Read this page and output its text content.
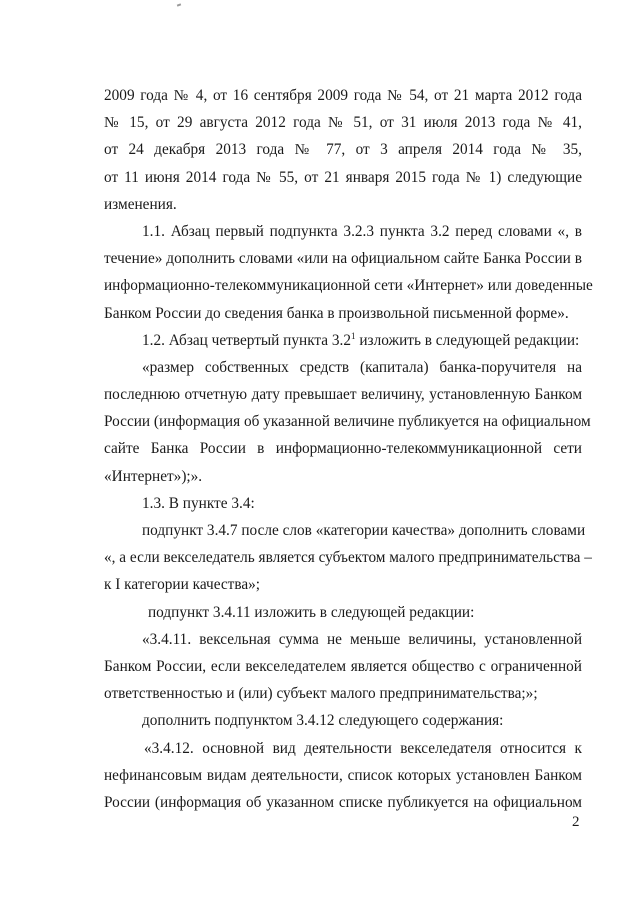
2009 года № 4, от 16 сентября 2009 года № 54, от 21 марта 2012 года
№ 15, от 29 августа 2012 года № 51, от 31 июля 2013 года № 41,
от 24 декабря 2013 года № 77, от 3 апреля 2014 года № 35,
от 11 июня 2014 года № 55, от 21 января 2015 года № 1) следующие
изменения.
1.1. Абзац первый подпункта 3.2.3 пункта 3.2 перед словами «, в
течение» дополнить словами «или на официальном сайте Банка России в
информационно-телекоммуникационной сети «Интернет» или доведенные
Банком России до сведения банка в произвольной письменной форме».
1.2. Абзац четвертый пункта $3.2^1$ изложить в следующей редакции:
«размер собственных средств (капитала) банка-поручителя на
последнюю отчетную дату превышает величину, установленную Банком
России (информация об указанной величине публикуется на официальном
сайте Банка России в информационно-телекоммуникационной сети
«Интернет»);».
1.3. В пункте 3.4:
подпункт 3.4.7 после слов «категории качества» дополнить словами
«, а если векселедатель является субъектом малого предпринимательства –
к I категории качества»;
подпункт 3.4.11 изложить в следующей редакции:
«3.4.11. вексельная сумма не меньше величины, установленной
Банком России, если векселедателем является общество с ограниченной
ответственностью и (или) субъект малого предпринимательства;»;
дополнить подпунктом 3.4.12 следующего содержания:
«3.4.12. основной вид деятельности векселедателя относится к
нефинансовым видам деятельности, список которых установлен Банком
России (информация об указанном списке публикуется на официальном
2
